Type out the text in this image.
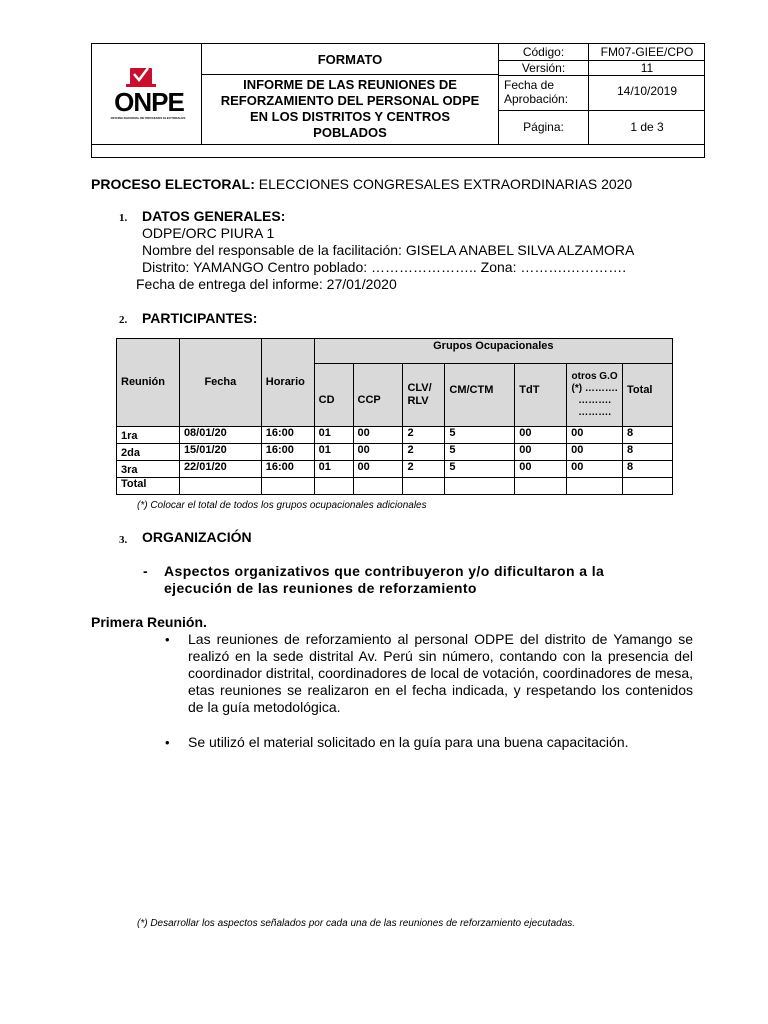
ONPE
OFICINA NACIONAL DE PROCESOS ELECTORALES
FORMATO
INFORME DE LAS REUNIONES DE REFORZAMIENTO DEL PERSONAL ODPE EN LOS DISTRITOS Y CENTROS POBLADOS
Código:	FM07-GIEE/CPO
Versión:	11
Fecha de Aprobación:
14/10/2019
Página:	1 de 3
PROCESO ELECTORAL: ELECCIONES CONGRESALES EXTRAORDINARIAS 2020
1. DATOS GENERALES:
ODPE/ORC PIURA 1
Nombre del responsable de la facilitación: GISELA ANABEL SILVA ALZAMORA
Distrito: YAMANGO Centro poblado: ………………….. Zona: ……….………….
Fecha de entrega del informe: 27/01/2020
2. PARTICIPANTES:
Reunión	Fecha	Horario	Grupos Ocupacionales						
			CD	CCP	CLV/ RLV	CM/CTM	TdT	otros G.O (*) ………. ………. ……….	Total
1ra	08/01/20	16:00	01	00	2	5	00	00	8
2da	15/01/20	16:00	01	00	2	5	00	00	8
3ra	22/01/20	16:00	01	00	2	5	00	00	8
Total									
(*) Colocar el total de todos los grupos ocupacionales adicionales
3. ORGANIZACIÓN
- Aspectos organizativos que contribuyeron y/o dificultaron a la ejecución de las reuniones de reforzamiento
Primera Reunión.
• Las reuniones de reforzamiento al personal ODPE del distrito de Yamango se realizó en la sede distrital Av. Perú sin número, contando con la presencia del coordinador distrital, coordinadores de local de votación, coordinadores de mesa, etas reuniones se realizaron en el fecha indicada, y respetando los contenidos de la guía metodológica.
• Se utilizó el material solicitado en la guía para una buena capacitación.
(*) Desarrollar los aspectos señalados por cada una de las reuniones de reforzamiento ejecutadas.
